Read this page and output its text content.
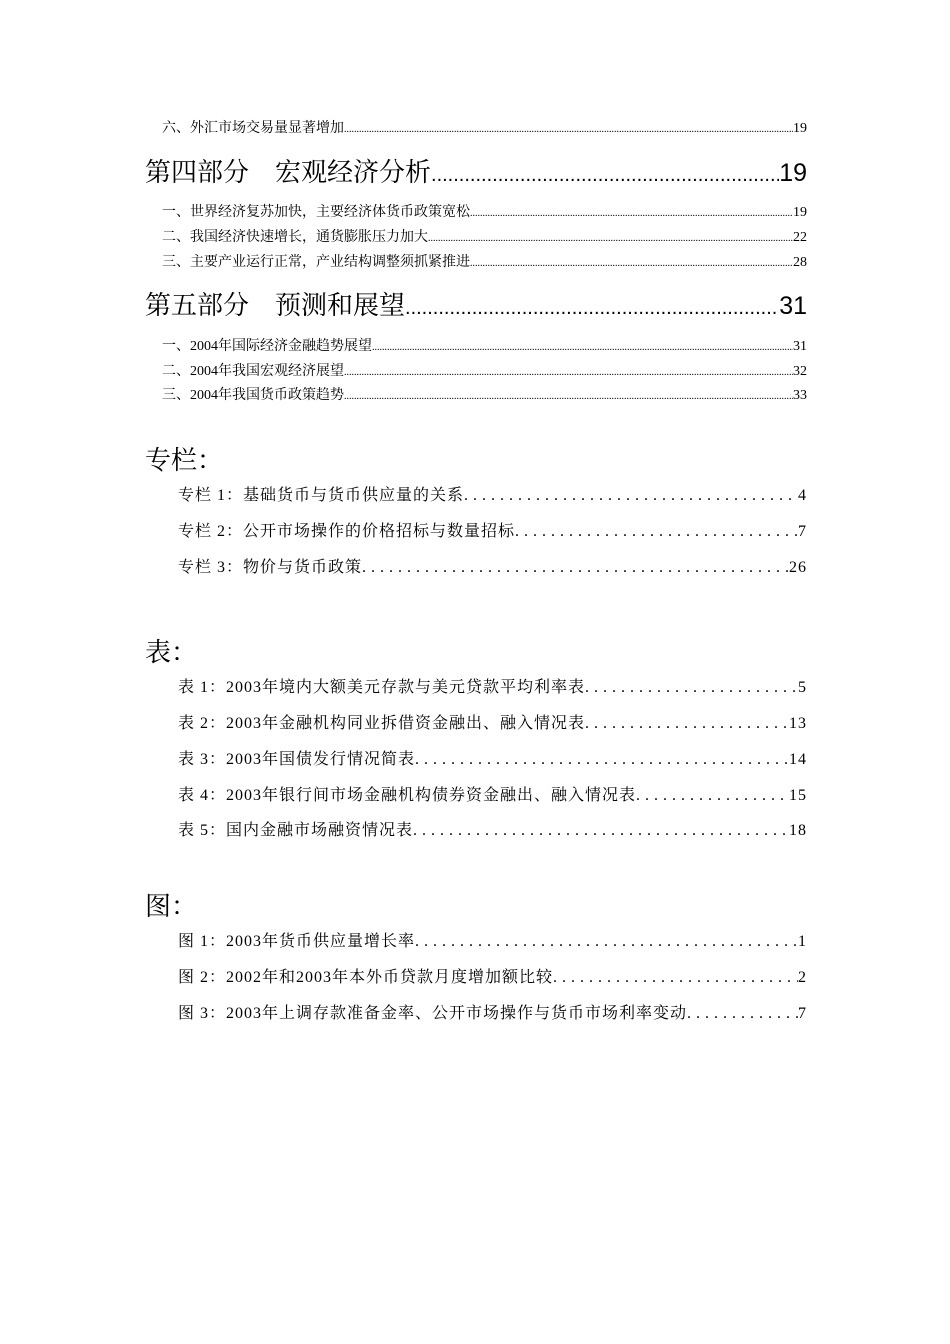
六、外汇市场交易量显著增加 .....	19
第四部分　宏观经济分析 .....	19
一、世界经济复苏加快，主要经济体货币政策宽松 .....	19
二、我国经济快速增长，通货膨胀压力加大 .....	22
三、主要产业运行正常，产业结构调整须抓紧推进 .....	28
第五部分　预测和展望 .....	31
一、2004年国际经济金融趋势展望 .....	31
二、2004年我国宏观经济展望 .....	32
三、2004年我国货币政策趋势 .....	33
专栏：
专栏 1：基础货币与货币供应量的关系 . . .	4
专栏 2：公开市场操作的价格招标与数量招标 . . .	7
专栏 3：物价与货币政策 . . .	26
表：
表 1：2003年境内大额美元存款与美元贷款平均利率表 . . .	5
表 2：2003年金融机构同业拆借资金融出、融入情况表 . . .	13
表 3：2003年国债发行情况简表 . . .	14
表 4：2003年银行间市场金融机构债券资金融出、融入情况表 . . .	15
表 5：国内金融市场融资情况表 . . .	18
图：
图 1：2003年货币供应量增长率 . . .	1
图 2：2002年和2003年本外币贷款月度增加额比较 . . .	2
图 3：2003年上调存款准备金率、公开市场操作与货币市场利率变动 . . .	7
